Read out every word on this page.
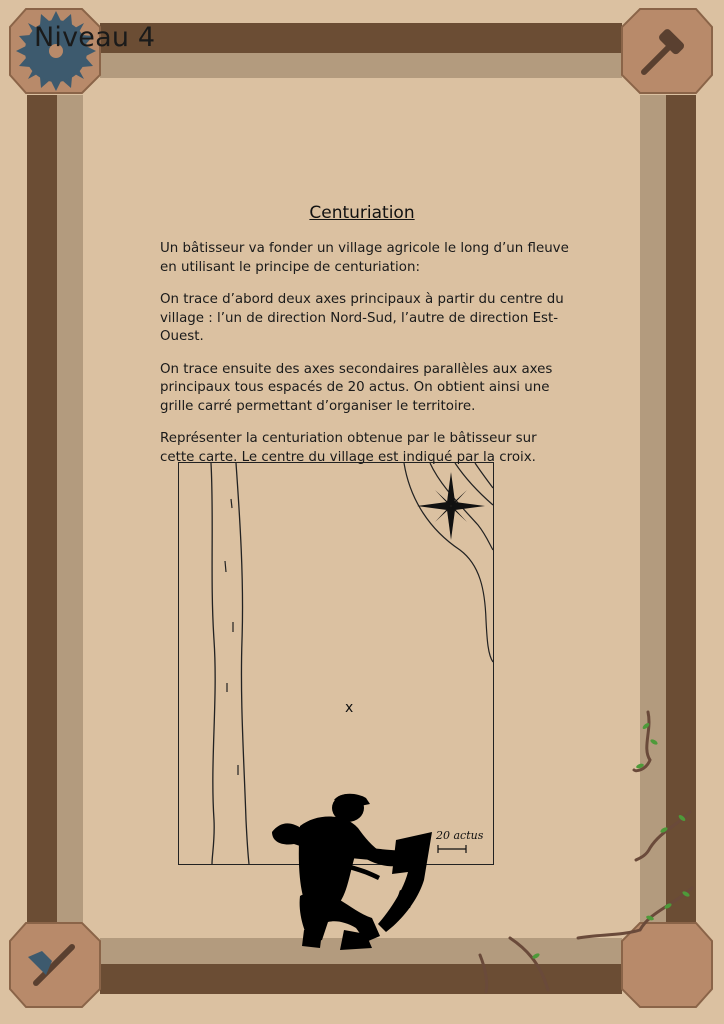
Niveau 4
Centuriation

Un bâtisseur va fonder un village agricole le long d’un fleuve en utilisant le principe de centuriation:

On trace d’abord deux axes principaux à partir du centre du village : l’un de direction Nord-Sud, l’autre de direction Est-Ouest.

On trace ensuite des axes secondaires parallèles aux axes principaux tous espacés de 20 actus. On obtient ainsi une grille carré permettant d’organiser le territoire.

Représenter la centuriation obtenue par le bâtisseur sur cette carte. Le centre du village est indiqué par la croix.

x
20 actus
